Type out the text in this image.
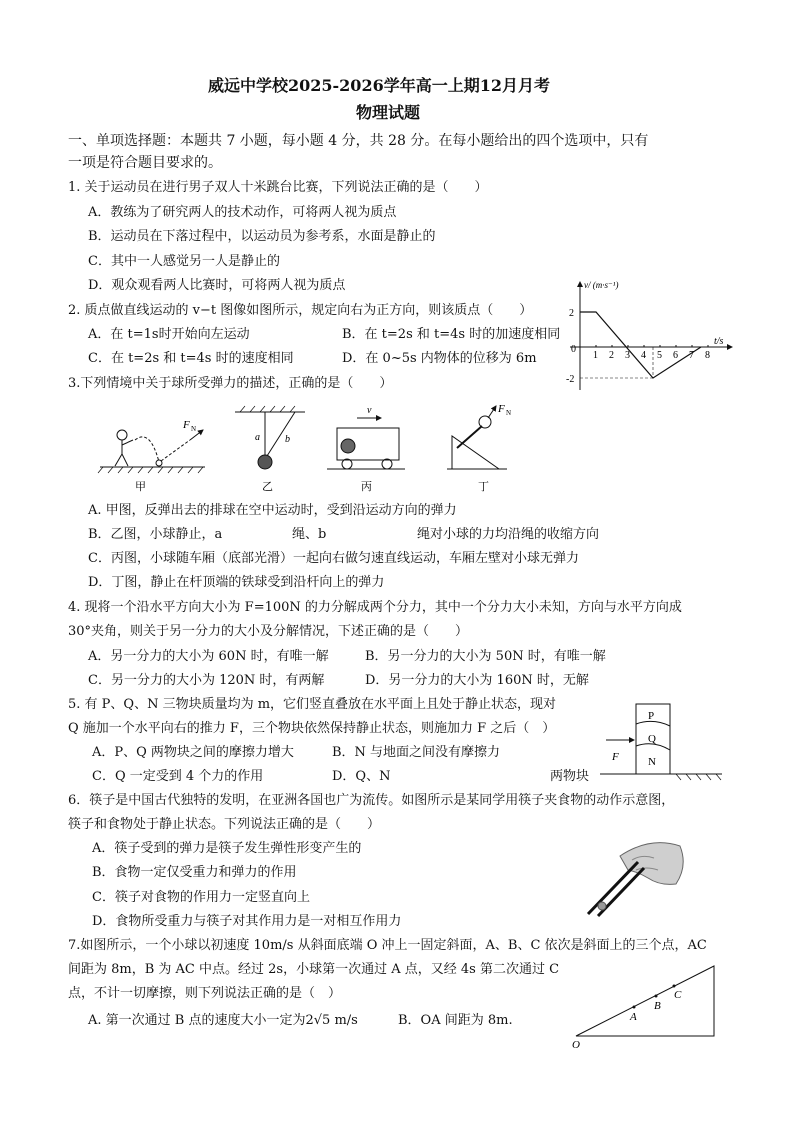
威远中学校2025-2026学年高一上期12月月考
物理试题
一、单项选择题：本题共 7 小题，每小题 4 分，共 28 分。在每小题给出的四个选项中，只有
一项是符合题目要求的。
1. 关于运动员在进行男子双人十米跳台比赛，下列说法正确的是（　　）
A．教练为了研究两人的技术动作，可将两人视为质点
B．运动员在下落过程中，以运动员为参考系，水面是静止的
C．其中一人感觉另一人是静止的
D．观众观看两人比赛时，可将两人视为质点
2. 质点做直线运动的 v−t 图像如图所示，规定向右为正方向，则该质点（　　）
A．在 t=1s时开始向左运动	B．在 t=2s 和 t=4s 时的加速度相同
C．在 t=2s 和 t=4s 时的速度相同	D．在 0~5s 内物体的位移为 6m
v/ (m·s⁻¹)
t/s
2
-2
0
1 2 3 4 5 6 7 8
3.下列情境中关于球所受弹力的描述，正确的是（　　）
F N
a	b
v	F N
甲	乙	丙	丁
A. 甲图，反弹出去的排球在空中运动时，受到沿运动方向的弹力
B．乙图，小球静止，a	绳、b	绳对小球的力均沿绳的收缩方向
C．丙图，小球随车厢（底部光滑）一起向右做匀速直线运动，车厢左壁对小球无弹力
D．丁图，静止在杆顶端的铁球受到沿杆向上的弹力
4. 现将一个沿水平方向大小为 F=100N 的力分解成两个分力，其中一个分力大小未知，方向与水平方向成
30°夹角，则关于另一分力的大小及分解情况，下述正确的是（　　）
A．另一分力的大小为 60N 时，有唯一解	B．另一分力的大小为 50N 时，有唯一解
C．另一分力的大小为 120N 时，有两解	D．另一分力的大小为 160N 时，无解
5. 有 P、Q、N 三物块质量均为 m，它们竖直叠放在水平面上且处于静止状态，现对
Q 施加一个水平向右的推力 F，三个物块依然保持静止状态，则施加力 F 之后（　）
A．P、Q 两物块之间的摩擦力增大	B．N 与地面之间没有摩擦力
C．Q 一定受到 4 个力的作用	D．Q、N	两物块
P
Q
N
F
6．筷子是中国古代独特的发明，在亚洲各国也广为流传。如图所示是某同学用筷子夹食物的动作示意图，
筷子和食物处于静止状态。下列说法正确的是（　　）
A．筷子受到的弹力是筷子发生弹性形变产生的
B．食物一定仅受重力和弹力的作用
C．筷子对食物的作用力一定竖直向上
D．食物所受重力与筷子对其作用力是一对相互作用力
7.如图所示，一个小球以初速度 10m/s 从斜面底端 O 冲上一固定斜面，A、B、C 依次是斜面上的三个点，AC
间距为 8m，B 为 AC 中点。经过 2s，小球第一次通过 A 点，又经 4s 第二次通过 C
点，不计一切摩擦，则下列说法正确的是（　）
A. 第一次通过 B 点的速度大小一定为2√5 m/s	B．OA 间距为 8m.
O
A
B
C
